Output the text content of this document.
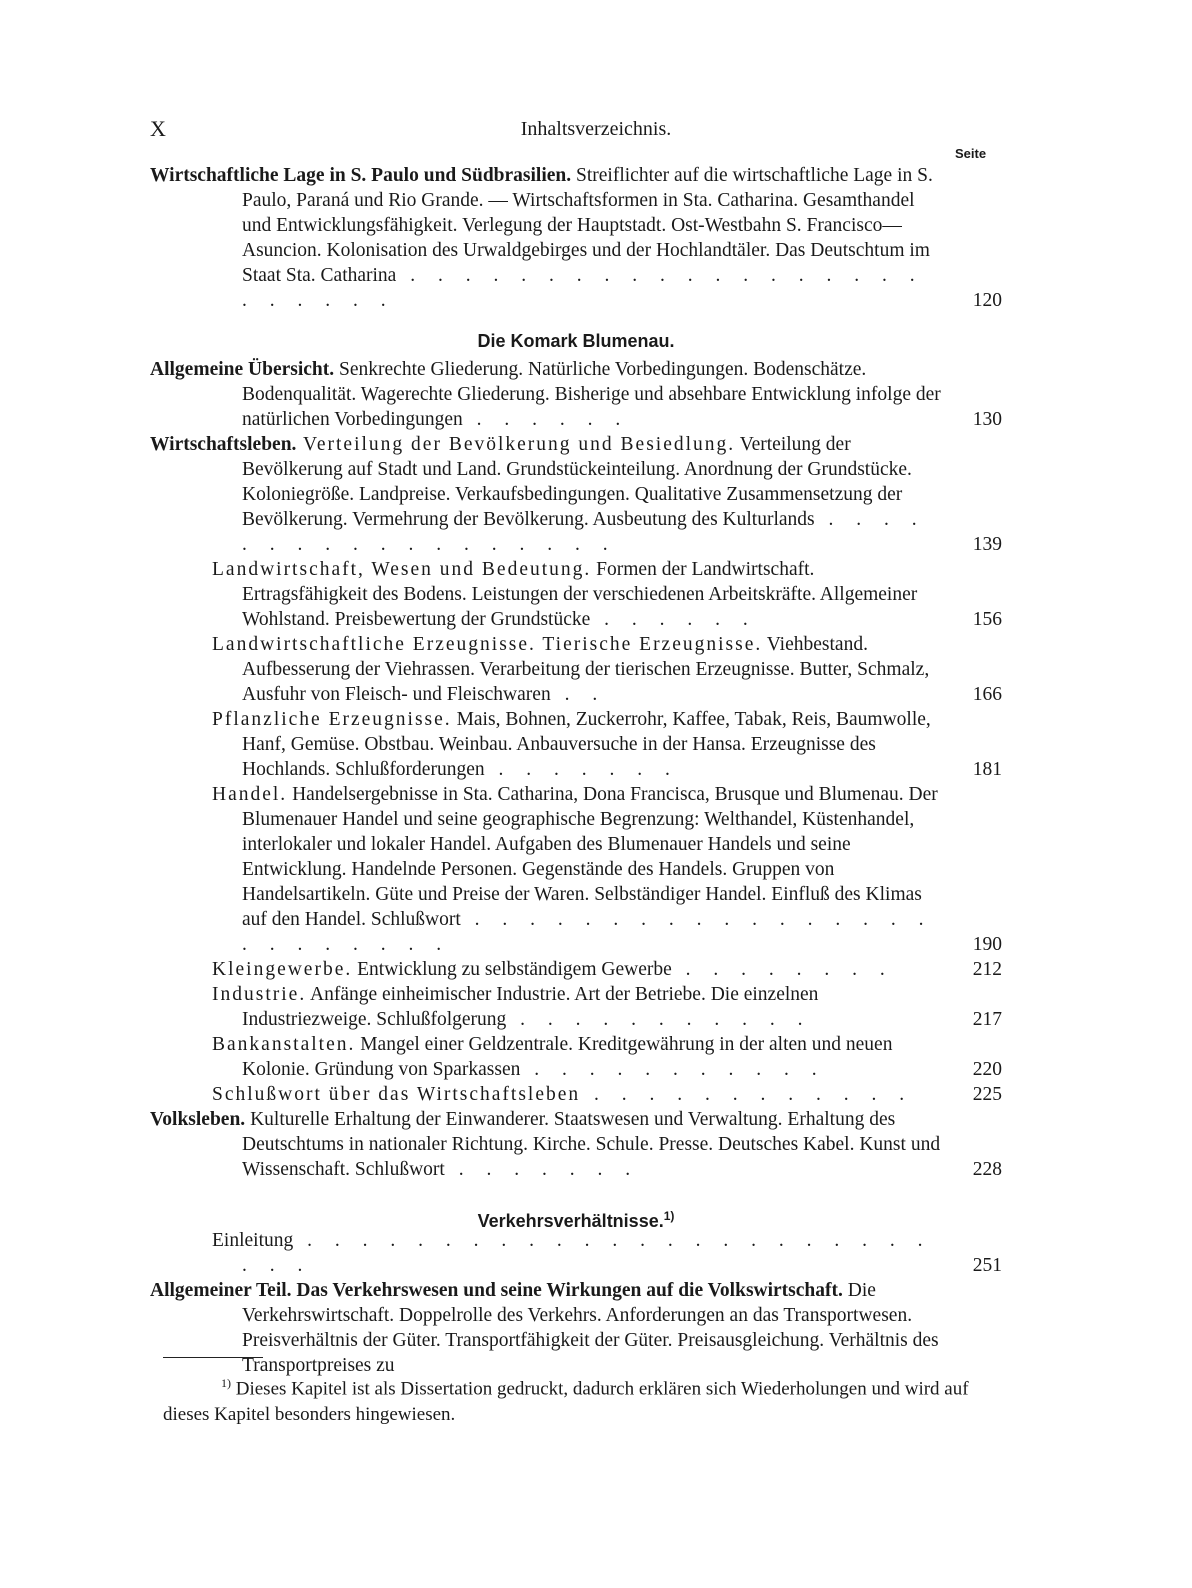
X	Inhaltsverzeichnis.
Seite
Wirtschaftliche Lage in S. Paulo und Südbrasilien. Streiflichter auf die wirtschaftliche Lage in S. Paulo, Paraná und Rio Grande. — Wirtschaftsformen in Sta. Catharina. Gesamthandel und Entwicklungsfähigkeit. Verlegung der Hauptstadt. Ost-Westbahn S. Francisco—Asuncion. Kolonisation des Urwaldgebirges und der Hochlandtäler. Das Deutschtum im Staat Sta. Catharina . . . . . . . . . . . . . . . . . . . . . . . . .	120
Die Komark Blumenau.
Allgemeine Übersicht. Senkrechte Gliederung. Natürliche Vorbedingungen. Bodenschätze. Bodenqualität. Wagerechte Gliederung. Bisherige und absehbare Entwicklung infolge der natürlichen Vorbedingungen . . . . . .	130
Wirtschaftsleben. Verteilung der Bevölkerung und Besiedlung. Verteilung der Bevölkerung auf Stadt und Land. Grundstückeinteilung. Anordnung der Grundstücke. Koloniegröße. Landpreise. Verkaufsbedingungen. Qualitative Zusammensetzung der Bevölkerung. Vermehrung der Bevölkerung. Ausbeutung des Kulturlands . . . . . . . . . . . . . . . . . .	139
Landwirtschaft, Wesen und Bedeutung. Formen der Landwirtschaft. Ertragsfähigkeit des Bodens. Leistungen der verschiedenen Arbeitskräfte. Allgemeiner Wohlstand. Preisbewertung der Grundstücke . . . . . .	156
Landwirtschaftliche Erzeugnisse. Tierische Erzeugnisse. Viehbestand. Aufbesserung der Viehrassen. Verarbeitung der tierischen Erzeugnisse. Butter, Schmalz, Ausfuhr von Fleisch- und Fleischwaren . .	166
Pflanzliche Erzeugnisse. Mais, Bohnen, Zuckerrohr, Kaffee, Tabak, Reis, Baumwolle, Hanf, Gemüse. Obstbau. Weinbau. Anbauversuche in der Hansa. Erzeugnisse des Hochlands. Schlußforderungen . . . . . . .	181
Handel. Handelsergebnisse in Sta. Catharina, Dona Francisca, Brusque und Blumenau. Der Blumenauer Handel und seine geographische Begrenzung: Welthandel, Küstenhandel, interlokaler und lokaler Handel. Aufgaben des Blumenauer Handels und seine Entwicklung. Handelnde Personen. Gegenstände des Handels. Gruppen von Handelsartikeln. Güte und Preise der Waren. Selbständiger Handel. Einfluß des Klimas auf den Handel. Schlußwort . . . . . . . . . . . . . . . . . . . . . . . . .	190
Kleingewerbe. Entwicklung zu selbständigem Gewerbe . . . . . . . .	212
Industrie. Anfänge einheimischer Industrie. Art der Betriebe. Die einzelnen Industriezweige. Schlußfolgerung . . . . . . . . . . .	217
Bankanstalten. Mangel einer Geldzentrale. Kreditgewährung in der alten und neuen Kolonie. Gründung von Sparkassen . . . . . . . . . . .	220
Schlußwort über das Wirtschaftsleben . . . . . . . . . . . .	225
Volksleben. Kulturelle Erhaltung der Einwanderer. Staatswesen und Verwaltung. Erhaltung des Deutschtums in nationaler Richtung. Kirche. Schule. Presse. Deutsches Kabel. Kunst und Wissenschaft. Schlußwort . . . . . . .	228
Verkehrsverhältnisse.$^{1)}$
Einleitung . . . . . . . . . . . . . . . . . . . . . . . . . .	251
Allgemeiner Teil. Das Verkehrswesen und seine Wirkungen auf die Volkswirtschaft. Die Verkehrswirtschaft. Doppelrolle des Verkehrs. Anforderungen an das Transportwesen. Preisverhältnis der Güter. Transportfähigkeit der Güter. Preisausgleichung. Verhältnis des Transportpreises zu
$^{1)}$ Dieses Kapitel ist als Dissertation gedruckt, dadurch erklären sich Wiederholungen und wird auf dieses Kapitel besonders hingewiesen.
